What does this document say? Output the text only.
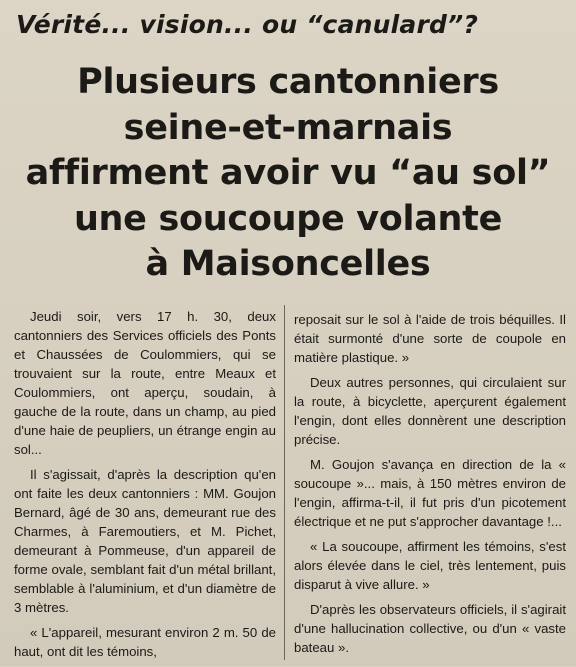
Vérité... vision... ou “canulard”?
Plusieurs cantonniers
seine-et-marnais
affirment avoir vu “au sol”
une soucoupe volante
à Maisoncelles

Jeudi soir, vers 17 h. 30, deux cantonniers des Services officiels des Ponts et Chaussées de Coulommiers, qui se trouvaient sur la route, entre Meaux et Coulommiers, ont aperçu, soudain, à gauche de la route, dans un champ, au pied d'une haie de peupliers, un étrange engin au sol...

Il s'agissait, d'après la description qu'en ont faite les deux cantonniers : MM. Goujon Bernard, âgé de 30 ans, demeurant rue des Charmes, à Faremoutiers, et M. Pichet, demeurant à Pommeuse, d'un appareil de forme ovale, semblant fait d'un métal brillant, semblable à l'aluminium, et d'un diamètre de 3 mètres.

« L'appareil, mesurant environ 2 m. 50 de haut, ont dit les témoins,

reposait sur le sol à l'aide de trois béquilles. Il était surmonté d'une sorte de coupole en matière plastique. »

Deux autres personnes, qui circulaient sur la route, à bicyclette, aperçurent également l'engin, dont elles donnèrent une description précise.

M. Goujon s'avança en direction de la « soucoupe »... mais, à 150 mètres environ de l'engin, affirma-t-il, il fut pris d'un picotement électrique et ne put s'approcher davantage !...

« La soucoupe, affirment les témoins, s'est alors élevée dans le ciel, très lentement, puis disparut à vive allure. »

D'après les observateurs officiels, il s'agirait d'une hallucination collective, ou d'un « vaste bateau ».
